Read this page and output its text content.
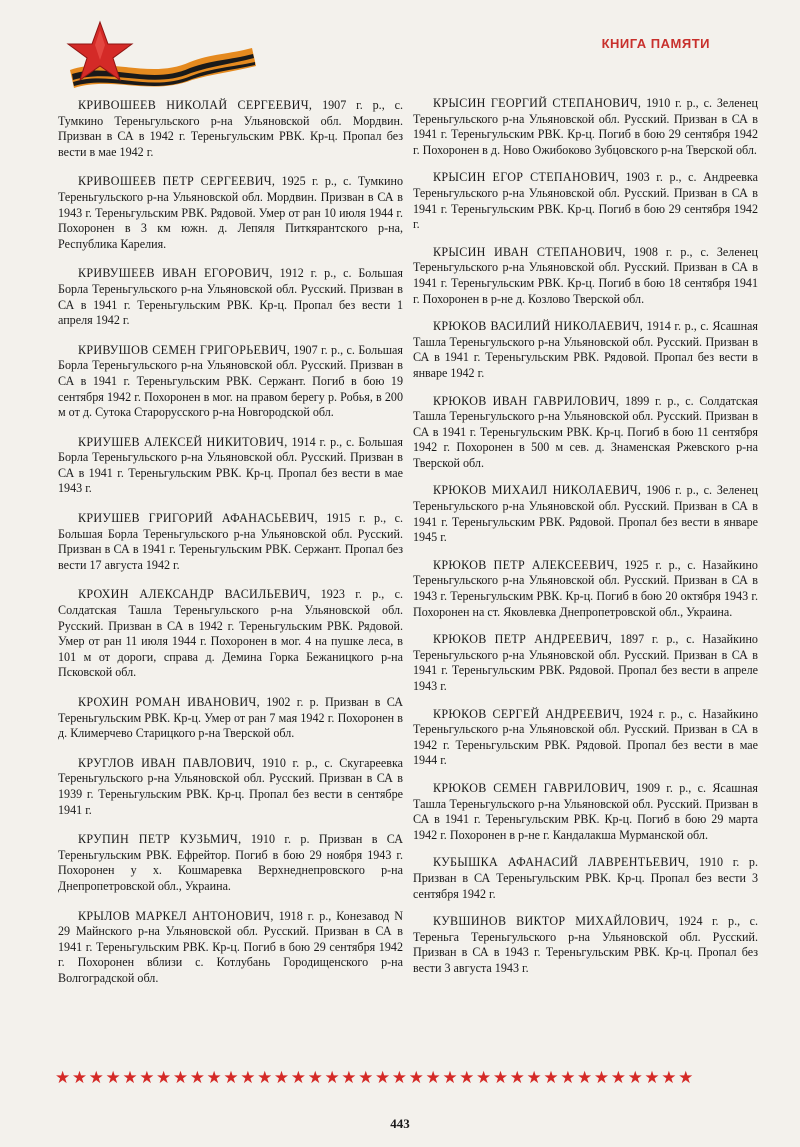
КНИГА ПАМЯТИ

КРИВОШЕЕВ НИКОЛАЙ СЕРГЕЕВИЧ, 1907 г. р., с. Тумкино Тереньгульского р-на Ульяновской обл. Мордвин. Призван в СА в 1942 г. Тереньгульским РВК. Кр-ц. Пропал без вести в мае 1942 г.

КРИВОШЕЕВ ПЕТР СЕРГЕЕВИЧ, 1925 г. р., с. Тумкино Тереньгульского р-на Ульяновской обл. Мордвин. Призван в СА в 1943 г. Тереньгульским РВК. Рядовой. Умер от ран 10 июля 1944 г. Похоронен в 3 км южн. д. Лепяля Питкярантского р-на, Республика Карелия.

КРИВУШЕЕВ ИВАН ЕГОРОВИЧ, 1912 г. р., с. Большая Борла Тереньгульского р-на Ульяновской обл. Русский. Призван в СА в 1941 г. Тереньгульским РВК. Кр-ц. Пропал без вести 1 апреля 1942 г.

КРИВУШОВ СЕМЕН ГРИГОРЬЕВИЧ, 1907 г. р., с. Большая Борла Тереньгульского р-на Ульяновской обл. Русский. Призван в СА в 1941 г. Тереньгульским РВК. Сержант. Погиб в бою 19 сентября 1942 г. Похоронен в мог. на правом берегу р. Робья, в 200 м от д. Сутока Старорусского р-на Новгородской обл.

КРИУШЕВ АЛЕКСЕЙ НИКИТОВИЧ, 1914 г. р., с. Большая Борла Тереньгульского р-на Ульяновской обл. Русский. Призван в СА в 1941 г. Тереньгульским РВК. Кр-ц. Пропал без вести в мае 1943 г.

КРИУШЕВ ГРИГОРИЙ АФАНАСЬЕВИЧ, 1915 г. р., с. Большая Борла Тереньгульского р-на Ульяновской обл. Русский. Призван в СА в 1941 г. Тереньгульским РВК. Сержант. Пропал без вести 17 августа 1942 г.

КРОХИН АЛЕКСАНДР ВАСИЛЬЕВИЧ, 1923 г. р., с. Солдатская Ташла Тереньгульского р-на Ульяновской обл. Русский. Призван в СА в 1942 г. Тереньгульским РВК. Рядовой. Умер от ран 11 июля 1944 г. Похоронен в мог. 4 на пушке леса, в 101 м от дороги, справа д. Демина Горка Бежаницкого р-на Псковской обл.

КРОХИН РОМАН ИВАНОВИЧ, 1902 г. р. Призван в СА Тереньгульским РВК. Кр-ц. Умер от ран 7 мая 1942 г. Похоронен в д. Климерчево Старицкого р-на Тверской обл.

КРУГЛОВ ИВАН ПАВЛОВИЧ, 1910 г. р., с. Скугареевка Тереньгульского р-на Ульяновской обл. Русский. Призван в СА в 1939 г. Тереньгульским РВК. Кр-ц. Пропал без вести в сентябре 1941 г.

КРУПИН ПЕТР КУЗЬМИЧ, 1910 г. р. Призван в СА Тереньгульским РВК. Ефрейтор. Погиб в бою 29 ноября 1943 г. Похоронен у х. Кошмаревка Верхнеднепровского р-на Днепропетровской обл., Украина.

КРЫЛОВ МАРКЕЛ АНТОНОВИЧ, 1918 г. р., Конезавод N 29 Майнского р-на Ульяновской обл. Русский. Призван в СА в 1941 г. Тереньгульским РВК. Кр-ц. Погиб в бою 29 сентября 1942 г. Похоронен вблизи с. Котлубань Городищенского р-на Волгоградской обл.

КРЫСИН ГЕОРГИЙ СТЕПАНОВИЧ, 1910 г. р., с. Зеленец Тереньгульского р-на Ульяновской обл. Русский. Призван в СА в 1941 г. Тереньгульским РВК. Кр-ц. Погиб в бою 29 сентября 1942 г. Похоронен в д. Ново Ожибоково Зубцовского р-на Тверской обл.

КРЫСИН ЕГОР СТЕПАНОВИЧ, 1903 г. р., с. Андреевка Тереньгульского р-на Ульяновской обл. Русский. Призван в СА в 1941 г. Тереньгульским РВК. Кр-ц. Погиб в бою 29 сентября 1942 г.

КРЫСИН ИВАН СТЕПАНОВИЧ, 1908 г. р., с. Зеленец Тереньгульского р-на Ульяновской обл. Русский. Призван в СА в 1941 г. Тереньгульским РВК. Кр-ц. Погиб в бою 18 сентября 1941 г. Похоронен в р-не д. Козлово Тверской обл.

КРЮКОВ ВАСИЛИЙ НИКОЛАЕВИЧ, 1914 г. р., с. Ясашная Ташла Тереньгульского р-на Ульяновской обл. Русский. Призван в СА в 1941 г. Тереньгульским РВК. Рядовой. Пропал без вести в январе 1942 г.

КРЮКОВ ИВАН ГАВРИЛОВИЧ, 1899 г. р., с. Солдатская Ташла Тереньгульского р-на Ульяновской обл. Русский. Призван в СА в 1941 г. Тереньгульским РВК. Кр-ц. Погиб в бою 11 сентября 1942 г. Похоронен в 500 м сев. д. Знаменская Ржевского р-на Тверской обл.

КРЮКОВ МИХАИЛ НИКОЛАЕВИЧ, 1906 г. р., с. Зеленец Тереньгульского р-на Ульяновской обл. Русский. Призван в СА в 1941 г. Тереньгульским РВК. Рядовой. Пропал без вести в январе 1945 г.

КРЮКОВ ПЕТР АЛЕКСЕЕВИЧ, 1925 г. р., с. Назайкино Тереньгульского р-на Ульяновской обл. Русский. Призван в СА в 1943 г. Тереньгульским РВК. Кр-ц. Погиб в бою 20 октября 1943 г. Похоронен на ст. Яковлевка Днепропетровской обл., Украина.

КРЮКОВ ПЕТР АНДРЕЕВИЧ, 1897 г. р., с. Назайкино Тереньгульского р-на Ульяновской обл. Русский. Призван в СА в 1941 г. Тереньгульским РВК. Рядовой. Пропал без вести в апреле 1943 г.

КРЮКОВ СЕРГЕЙ АНДРЕЕВИЧ, 1924 г. р., с. Назайкино Тереньгульского р-на Ульяновской обл. Русский. Призван в СА в 1942 г. Тереньгульским РВК. Рядовой. Пропал без вести в мае 1944 г.

КРЮКОВ СЕМЕН ГАВРИЛОВИЧ, 1909 г. р., с. Ясашная Ташла Тереньгульского р-на Ульяновской обл. Русский. Призван в СА в 1941 г. Тереньгульским РВК. Кр-ц. Погиб в бою 29 марта 1942 г. Похоронен в р-не г. Кандалакша Мурманской обл.

КУБЫШКА АФАНАСИЙ ЛАВРЕНТЬЕВИЧ, 1910 г. р. Призван в СА Тереньгульским РВК. Кр-ц. Пропал без вести 3 сентября 1942 г.

КУВШИНОВ ВИКТОР МИХАЙЛОВИЧ, 1924 г. р., с. Тереньга Тереньгульского р-на Ульяновской обл. Русский. Призван в СА в 1943 г. Тереньгульским РВК. Кр-ц. Пропал без вести 3 августа 1943 г.

★★★★★★★★★★★★★★★★★★★★★★★★★★★★★★★★★★★★★★
443
